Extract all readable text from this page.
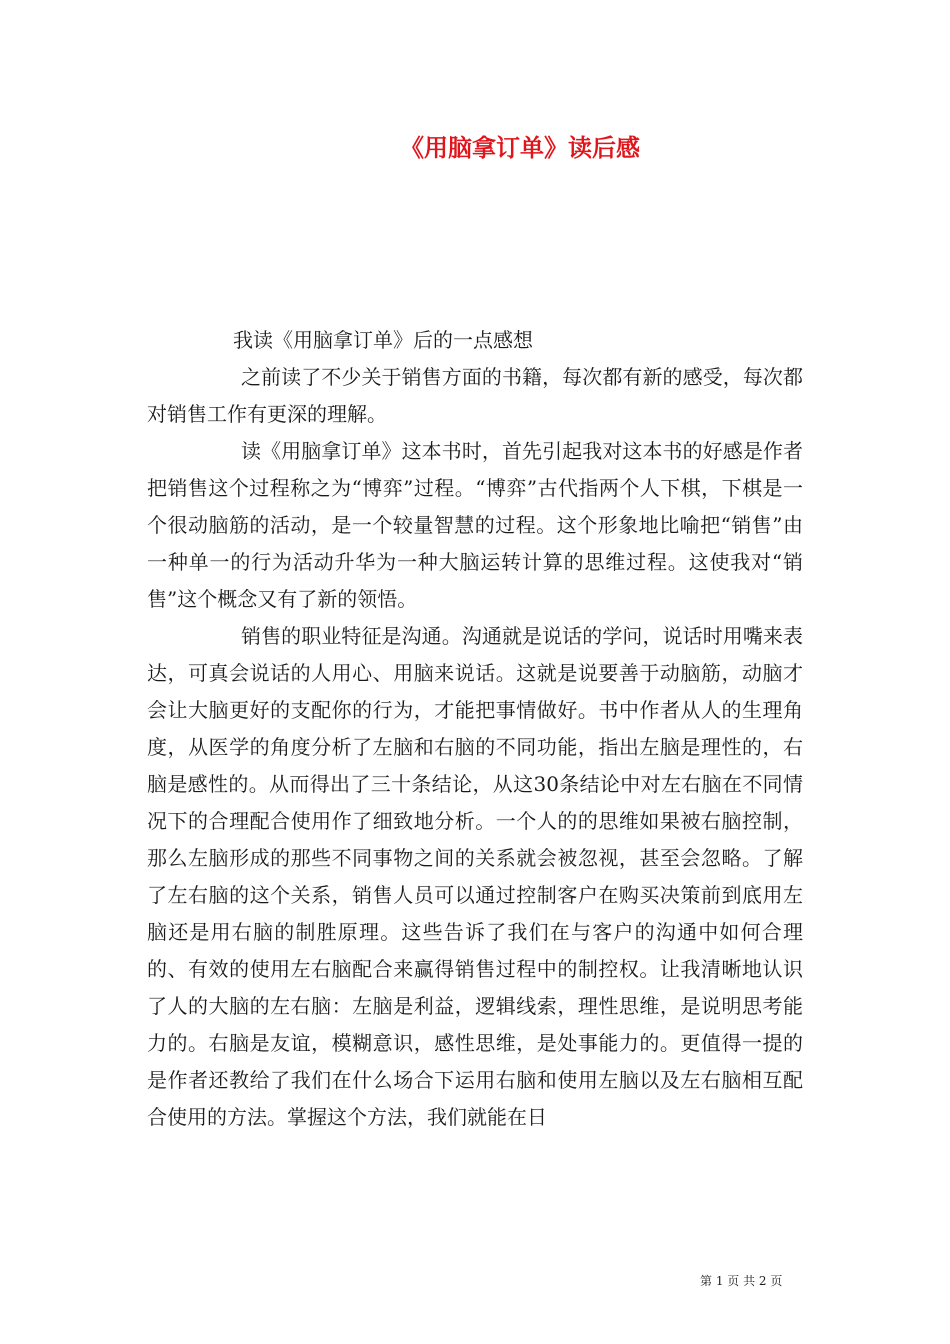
《用脑拿订单》读后感

我读《用脑拿订单》后的一点感想

之前读了不少关于销售方面的书籍，每次都有新的感受，每次都对销售工作有更深的理解。

读《用脑拿订单》这本书时，首先引起我对这本书的好感是作者把销售这个过程称之为“博弈”过程。“博弈”古代指两个人下棋，下棋是一个很动脑筋的活动，是一个较量智慧的过程。这个形象地比喻把“销售”由一种单一的行为活动升华为一种大脑运转计算的思维过程。这使我对“销售”这个概念又有了新的领悟。

销售的职业特征是沟通。沟通就是说话的学问，说话时用嘴来表达，可真会说话的人用心、用脑来说话。这就是说要善于动脑筋，动脑才会让大脑更好的支配你的行为，才能把事情做好。书中作者从人的生理角度，从医学的角度分析了左脑和右脑的不同功能，指出左脑是理性的，右脑是感性的。从而得出了三十条结论，从这30条结论中对左右脑在不同情况下的合理配合使用作了细致地分析。一个人的的思维如果被右脑控制，那么左脑形成的那些不同事物之间的关系就会被忽视，甚至会忽略。了解了左右脑的这个关系，销售人员可以通过控制客户在购买决策前到底用左脑还是用右脑的制胜原理。这些告诉了我们在与客户的沟通中如何合理的、有效的使用左右脑配合来赢得销售过程中的制控权。让我清晰地认识了人的大脑的左右脑：左脑是利益，逻辑线索，理性思维，是说明思考能力的。右脑是友谊，模糊意识，感性思维，是处事能力的。更值得一提的是作者还教给了我们在什么场合下运用右脑和使用左脑以及左右脑相互配合使用的方法。掌握这个方法，我们就能在日

第 1 页 共 2 页
